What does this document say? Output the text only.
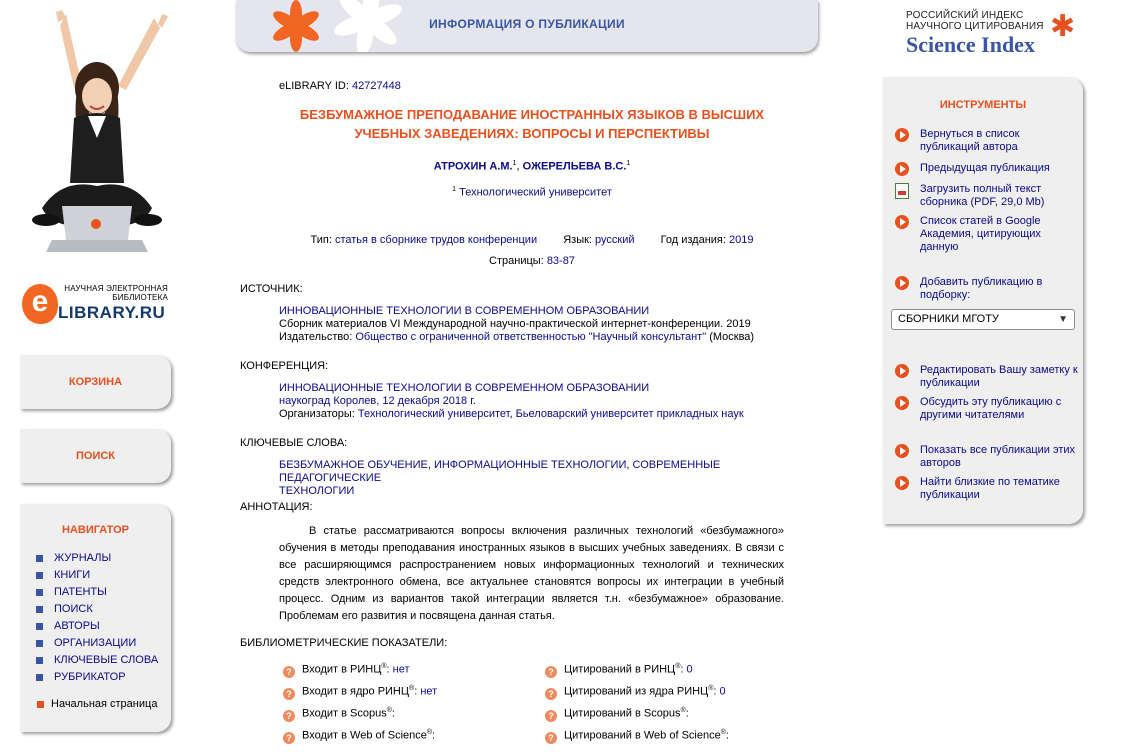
e	НАУЧНАЯ ЭЛЕКТРОННАЯ БИБЛИОТЕКА
LIBRARY.RU
КОРЗИНА
ПОИСК
НАВИГАТОР
ЖУРНАЛЫ
КНИГИ
ПАТЕНТЫ
ПОИСК
АВТОРЫ
ОРГАНИЗАЦИИ
КЛЮЧЕВЫЕ СЛОВА
РУБРИКАТОР
Начальная страница
ИНФОРМАЦИЯ О ПУБЛИКАЦИИ
eLIBRARY ID: 42727448
БЕЗБУМАЖНОЕ ПРЕПОДАВАНИЕ ИНОСТРАННЫХ ЯЗЫКОВ В ВЫСШИХ
УЧЕБНЫХ ЗАВЕДЕНИЯХ: ВОПРОСЫ И ПЕРСПЕКТИВЫ
АТРОХИН А.М.$^1$, ОЖЕРЕЛЬЕВА В.С.$^1$
$^1$ Технологический университет
Тип: статья в сборнике трудов конференции Язык: русский Год издания: 2019
Страницы: 83-87
ИСТОЧНИК:
ИННОВАЦИОННЫЕ ТЕХНОЛОГИИ В СОВРЕМЕННОМ ОБРАЗОВАНИИ
Сборник материалов VI Международной научно-практической интернет-конференции. 2019
Издательство: Общество с ограниченной ответственностью "Научный консультант" (Москва)
КОНФЕРЕНЦИЯ:
ИННОВАЦИОННЫЕ ТЕХНОЛОГИИ В СОВРЕМЕННОМ ОБРАЗОВАНИИ
наукоград Королев, 12 декабря 2018 г.
Организаторы: Технологический университет, Бьеловарский университет прикладных наук
КЛЮЧЕВЫЕ СЛОВА:
БЕЗБУМАЖНОЕ ОБУЧЕНИЕ, ИНФОРМАЦИОННЫЕ ТЕХНОЛОГИИ, СОВРЕМЕННЫЕ ПЕДАГОГИЧЕСКИЕ
ТЕХНОЛОГИИ
АННОТАЦИЯ:
В статье рассматриваются вопросы включения различных технологий «безбумажного» обучения в методы преподавания иностранных языков в высших учебных заведениях. В связи с все расширяющимся распространением новых информационных технологий и технических средств электронного обмена, все актуальнее становятся вопросы их интеграции в учебный процесс. Одним из вариантов такой интеграции является т.н. «безбумажное» образование. Проблемам его развития и посвящена данная статья.
БИБЛИОМЕТРИЧЕСКИЕ ПОКАЗАТЕЛИ:
? Входит в РИНЦ®: нет
? Входит в ядро РИНЦ®: нет
? Входит в Scopus®:
? Входит в Web of Science®:
? Цитирований в РИНЦ®: 0
? Цитирований из ядра РИНЦ®: 0
? Цитирований в Scopus®:
? Цитирований в Web of Science®:
РОССИЙСКИЙ ИНДЕКС
НАУЧНОГО ЦИТИРОВАНИЯ
Science Index
✱
ИНСТРУМЕНТЫ
Вернуться в список публикаций автора
Предыдущая публикация
Загрузить полный текст сборника (PDF, 29,0 Mb)
Список статей в Google Академия, цитирующих данную
Добавить публикацию в подборку:
СБОРНИКИ МГОТУ	▼
Редактировать Вашу заметку к публикации
Обсудить эту публикацию с другими читателями
Показать все публикации этих авторов
Найти близкие по тематике публикации
